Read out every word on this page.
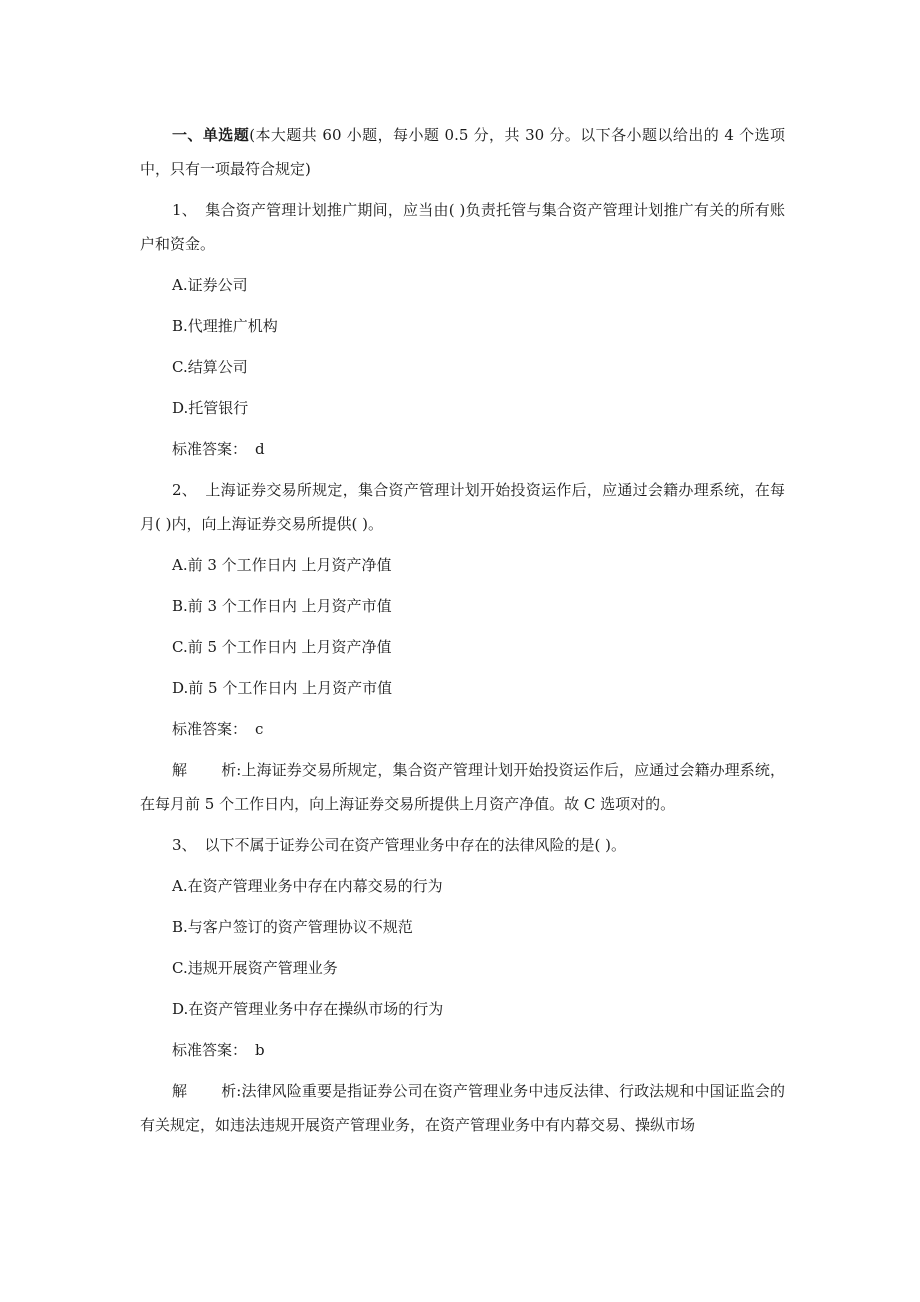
一、单选题(本大题共 60 小题，每小题 0.5 分，共 30 分。以下各小题以给出的 4 个选项中，只有一项最符合规定)

1、 集合资产管理计划推广期间，应当由( )负责托管与集合资产管理计划推广有关的所有账户和资金。

A.证券公司
B.代理推广机构
C.结算公司
D.托管银行
标准答案： d

2、 上海证券交易所规定，集合资产管理计划开始投资运作后，应通过会籍办理系统，在每月( )内，向上海证券交易所提供( )。

A.前 3 个工作日内 上月资产净值
B.前 3 个工作日内 上月资产市值
C.前 5 个工作日内 上月资产净值
D.前 5 个工作日内 上月资产市值
标准答案： c

解 析:上海证券交易所规定，集合资产管理计划开始投资运作后，应通过会籍办理系统，在每月前 5 个工作日内，向上海证券交易所提供上月资产净值。故 C 选项对的。

3、 以下不属于证券公司在资产管理业务中存在的法律风险的是( )。

A.在资产管理业务中存在内幕交易的行为
B.与客户签订的资产管理协议不规范
C.违规开展资产管理业务
D.在资产管理业务中存在操纵市场的行为
标准答案： b

解 析:法律风险重要是指证券公司在资产管理业务中违反法律、行政法规和中国证监会的有关规定，如违法违规开展资产管理业务，在资产管理业务中有内幕交易、操纵市场
